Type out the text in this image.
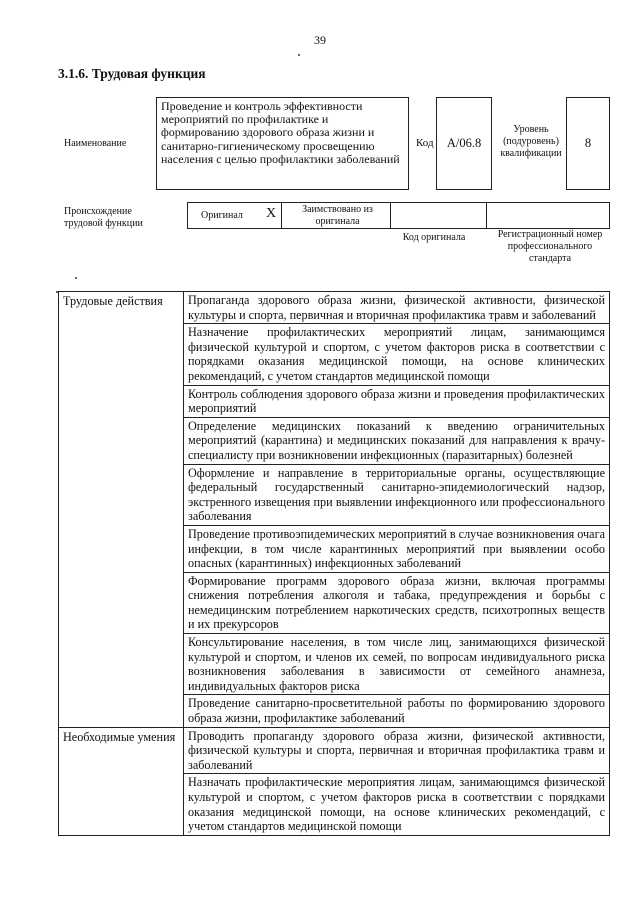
39
3.1.6. Трудовая функция
Наименование
Проведение и контроль эффективности мероприятий по профилактике и формированию здорового образа жизни и санитарно-гигиеническому просвещению населения с целью профилактики заболеваний
Код	A/06.8
Уровень (подуровень) квалификации
8
Происхождение трудовой функции
Оригинал X	Заимствовано из оригинала
Код оригинала	Регистрационный номер профессионального стандарта
Трудовые действия	Пропаганда здорового образа жизни, физической активности, физической культуры и спорта, первичная и вторичная профилактика травм и заболеваний
	Назначение профилактических мероприятий лицам, занимающимся физической культурой и спортом, с учетом факторов риска в соответствии с порядками оказания медицинской помощи, на основе клинических рекомендаций, с учетом стандартов медицинской помощи
	Контроль соблюдения здорового образа жизни и проведения профилактических мероприятий
	Определение медицинских показаний к введению ограничительных мероприятий (карантина) и медицинских показаний для направления к врачу-специалисту при возникновении инфекционных (паразитарных) болезней
	Оформление и направление в территориальные органы, осуществляющие федеральный государственный санитарно-эпидемиологический надзор, экстренного извещения при выявлении инфекционного или профессионального заболевания
	Проведение противоэпидемических мероприятий в случае возникновения очага инфекции, в том числе карантинных мероприятий при выявлении особо опасных (карантинных) инфекционных заболеваний
	Формирование программ здорового образа жизни, включая программы снижения потребления алкоголя и табака, предупреждения и борьбы с немедицинским потреблением наркотических средств, психотропных веществ и их прекурсоров
	Консультирование населения, в том числе лиц, занимающихся физической культурой и спортом, и членов их семей, по вопросам индивидуального риска возникновения заболевания в зависимости от семейного анамнеза, индивидуальных факторов риска
	Проведение санитарно-просветительной работы по формированию здорового образа жизни, профилактике заболеваний
Необходимые умения	Проводить пропаганду здорового образа жизни, физической активности, физической культуры и спорта, первичная и вторичная профилактика травм и заболеваний
	Назначать профилактические мероприятия лицам, занимающимся физической культурой и спортом, с учетом факторов риска в соответствии с порядками оказания медицинской помощи, на основе клинических рекомендаций, с учетом стандартов медицинской помощи
